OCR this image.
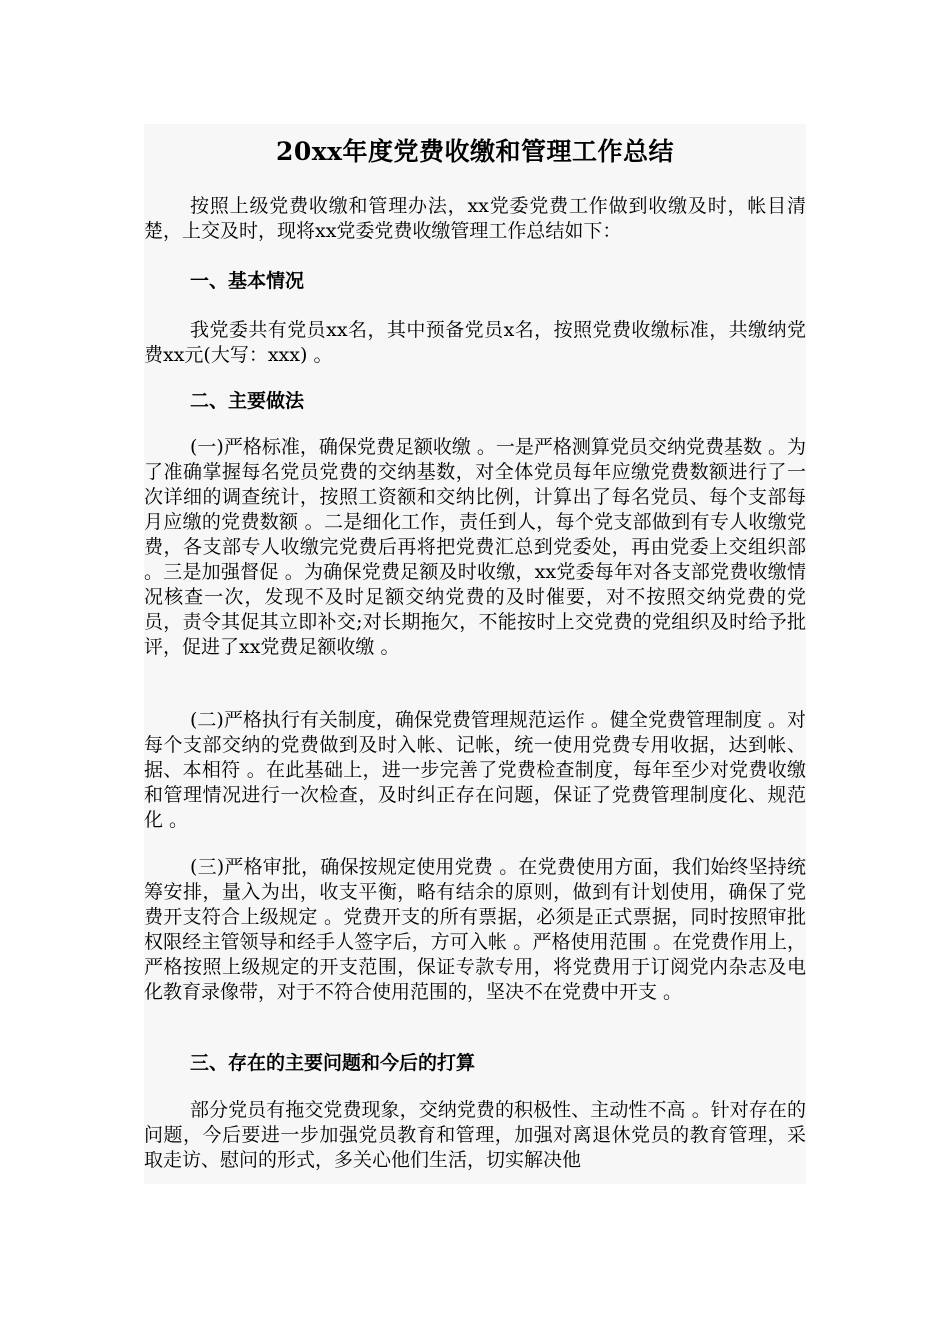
20xx年度党费收缴和管理工作总结

按照上级党费收缴和管理办法，xx党委党费工作做到收缴及时，帐目清楚，上交及时，现将xx党委党费收缴管理工作总结如下：

一、基本情况

我党委共有党员xx名，其中预备党员x名，按照党费收缴标准，共缴纳党费xx元(大写：xxx) 。

二、主要做法

(一)严格标准，确保党费足额收缴 。一是严格测算党员交纳党费基数 。为了准确掌握每名党员党费的交纳基数，对全体党员每年应缴党费数额进行了一次详细的调查统计，按照工资额和交纳比例，计算出了每名党员、每个支部每月应缴的党费数额 。二是细化工作，责任到人，每个党支部做到有专人收缴党费，各支部专人收缴完党费后再将把党费汇总到党委处，再由党委上交组织部 。三是加强督促 。为确保党费足额及时收缴，xx党委每年对各支部党费收缴情况核查一次，发现不及时足额交纳党费的及时催要，对不按照交纳党费的党员，责令其促其立即补交;对长期拖欠，不能按时上交党费的党组织及时给予批评，促进了xx党费足额收缴 。

(二)严格执行有关制度，确保党费管理规范运作 。健全党费管理制度 。对每个支部交纳的党费做到及时入帐、记帐，统一使用党费专用收据，达到帐、据、本相符 。在此基础上，进一步完善了党费检查制度，每年至少对党费收缴和管理情况进行一次检查，及时纠正存在问题，保证了党费管理制度化、规范化 。

(三)严格审批，确保按规定使用党费 。在党费使用方面，我们始终坚持统筹安排，量入为出，收支平衡，略有结余的原则，做到有计划使用，确保了党费开支符合上级规定 。党费开支的所有票据，必须是正式票据，同时按照审批权限经主管领导和经手人签字后，方可入帐 。严格使用范围 。在党费作用上，严格按照上级规定的开支范围，保证专款专用，将党费用于订阅党内杂志及电化教育录像带，对于不符合使用范围的，坚决不在党费中开支 。

三、存在的主要问题和今后的打算

部分党员有拖交党费现象，交纳党费的积极性、主动性不高 。针对存在的问题，今后要进一步加强党员教育和管理，加强对离退休党员的教育管理，采取走访、慰问的形式，多关心他们生活，切实解决他
